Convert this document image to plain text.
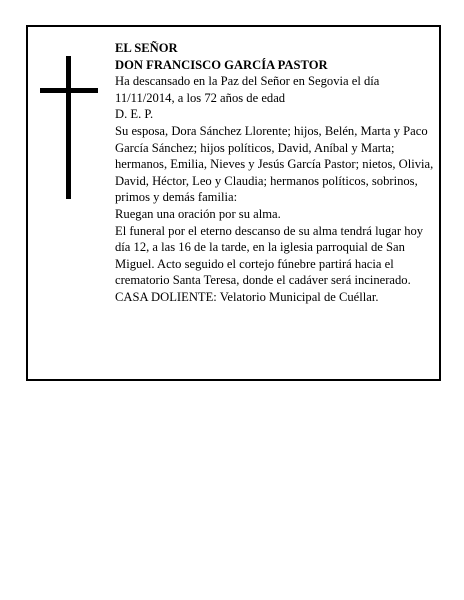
EL SEÑOR

DON FRANCISCO GARCÍA PASTOR

Ha descansado en la Paz del Señor en Segovia el día 11/11/2014, a los 72 años de edad

D. E. P.

Su esposa, Dora Sánchez Llorente; hijos, Belén, Marta y Paco García Sánchez; hijos políticos, David, Aníbal y Marta; hermanos, Emilia, Nieves y Jesús García Pastor; nietos, Olivia, David, Héctor, Leo y Claudia; hermanos políticos, sobrinos, primos y demás familia:

Ruegan una oración por su alma.

El funeral por el eterno descanso de su alma tendrá lugar hoy día 12, a las 16 de la tarde, en la iglesia parroquial de San Miguel. Acto seguido el cortejo fúnebre partirá hacia el crematorio Santa Teresa, donde el cadáver será incinerado.

CASA DOLIENTE: Velatorio Municipal de Cuéllar.
